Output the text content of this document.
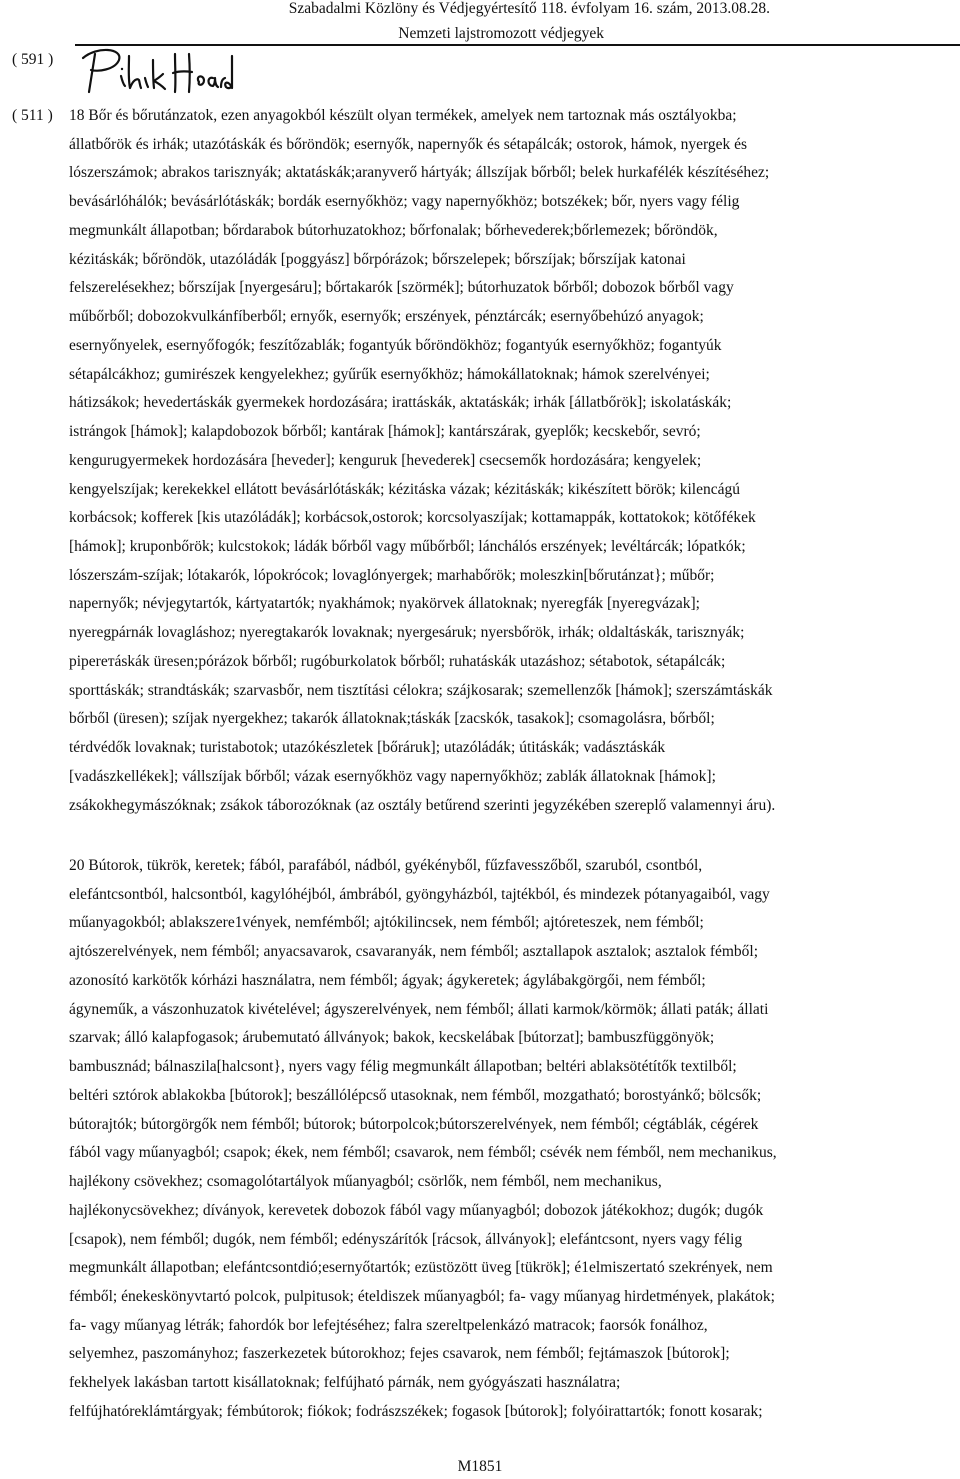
Szabadalmi Közlöny és Védjegyértesítő 118. évfolyam 16. szám, 2013.08.28.
Nemzeti lajstromozott védjegyek
( 591 )
( 511 ) 18 Bőr és bőrutánzatok, ezen anyagokból készült olyan termékek, amelyek nem tartoznak más osztályokba;
állatbőrök és irhák; utazótáskák és bőröndök; esernyők, napernyők és sétapálcák; ostorok, hámok, nyergek és
lószerszámok; abrakos tarisznyák; aktatáskák;aranyverő hártyák; állszíjak bőrből; belek hurkafélék készítéséhez;
bevásárlóhálók; bevásárlótáskák; bordák esernyőkhöz; vagy napernyőkhöz; botszékek; bőr, nyers vagy félig
megmunkált állapotban; bőrdarabok bútorhuzatokhoz; bőrfonalak; bőrhevederek;bőrlemezek; bőröndök,
kézitáskák; bőröndök, utazóládák [poggyász] bőrpórázok; bőrszelepek; bőrszíjak; bőrszíjak katonai
felszerelésekhez; bőrszíjak [nyergesáru]; bőrtakarók [szörmék]; bútorhuzatok bőrből; dobozok bőrből vagy
műbőrből; dobozokvulkánfíberből; ernyők, esernyők; erszények, pénztárcák; esernyőbehúzó anyagok;
esernyőnyelek, esernyőfogók; feszítőzablák; fogantyúk bőröndökhöz; fogantyúk esernyőkhöz; fogantyúk
sétapálcákhoz; gumirészek kengyelekhez; gyűrűk esernyőkhöz; hámokállatoknak; hámok szerelvényei;
hátizsákok; hevedertáskák gyermekek hordozására; irattáskák, aktatáskák; irhák [állatbőrök]; iskolatáskák;
istrángok [hámok]; kalapdobozok bőrből; kantárak [hámok]; kantárszárak, gyeplők; kecskebőr, sevró;
kengurugyermekek hordozására [heveder]; kenguruk [hevederek] csecsemők hordozására; kengyelek;
kengyelszíjak; kerekekkel ellátott bevásárlótáskák; kézitáska vázak; kézitáskák; kikészített börök; kilencágú
korbácsok; kofferek [kis utazóládák]; korbácsok,ostorok; korcsolyaszíjak; kottamappák, kottatokok; kötőfékek
[hámok]; kruponbőrök; kulcstokok; ládák bőrből vagy műbőrből; lánchálós erszények; levéltárcák; lópatkók;
lószerszám-szíjak; lótakarók, lópokrócok; lovaglónyergek; marhabőrök; moleszkin[bőrutánzat}; műbőr;
napernyők; névjegytartók, kártyatartók; nyakhámok; nyakörvek állatoknak; nyeregfák [nyeregvázak];
nyeregpárnák lovagláshoz; nyeregtakarók lovaknak; nyergesáruk; nyersbőrök, irhák; oldaltáskák, tarisznyák;
pipereтáskák üresen;pórázok bőrből; rugóburkolatok bőrből; ruhatáskák utazáshoz; sétabotok, sétapálcák;
sporttáskák; strandtáskák; szarvasbőr, nem tisztítási célokra; szájkosarak; szemellenzők [hámok]; szerszámtáskák
bőrből (üresen); szíjak nyergekhez; takarók állatoknak;táskák [zacskók, tasakok]; csomagolásra, bőrből;
térdvédők lovaknak; turistabotok; utazókészletek [bőráruk]; utazóládák; útitáskák; vadásztáskák
[vadászkellékek]; vállszíjak bőrből; vázak esernyőkhöz vagy napernyőkhöz; zablák állatoknak [hámok];
zsákokhegymászóknak; zsákok táborozóknak (az osztály betűrend szerinti jegyzékében szereplő valamennyi áru).
20 Bútorok, tükrök, keretek; fából, parafából, nádból, gyékényből, fűzfavesszőből, szaruból, csontból,
elefántcsontból, halcsontból, kagylóhéjból, ámbrából, gyöngyházból, tajtékból, és mindezek pótanyagaiból, vagy
műanyagokból; ablakszere1vények, nemfémből; ajtókilincsek, nem fémből; ajtóreteszek, nem fémből;
ajtószerelvények, nem fémből; anyacsavarok, csavaranyák, nem fémből; asztallapok asztalok; asztalok fémből;
azonosító karkötők kórházi használatra, nem fémből; ágyak; ágykeretek; ágylábakgörgői, nem fémből;
ágyneműk, a vászonhuzatok kivételével; ágyszerelvények, nem fémből; állati karmok/körmök; állati paták; állati
szarvak; álló kalapfogasok; árubemutató állványok; bakok, kecskelábak [bútorzat]; bambuszfüggönyök;
bambusznád; bálnaszila[halcsont}, nyers vagy félig megmunkált állapotban; beltéri ablaksötétítők textilből;
beltéri sztórok ablakokba [bútorok]; beszállólépcső utasoknak, nem fémből, mozgatható; borostyánkő; bölcsők;
bútorajtók; bútorgörgők nem fémből; bútorok; bútorpolcok;bútorszerelvények, nem fémből; cégtáblák, cégérek
fából vagy műanyagból; csapok; ékek, nem fémből; csavarok, nem fémből; csévék nem fémből, nem mechanikus,
hajlékony csövekhez; csomagolótartályok műanyagból; csörlők, nem fémből, nem mechanikus,
hajlékonycsövekhez; díványok, kerevetek dobozok fából vagy műanyagból; dobozok játékokhoz; dugók; dugók
[csapok), nem fémből; dugók, nem fémből; edényszárítók [rácsok, állványok]; elefántcsont, nyers vagy félig
megmunkált állapotban; elefántcsontdió;esernyőtartók; ezüstözött üveg [tükrök]; é1elmiszertató szekrények, nem
fémből; énekeskönyvtartó polcok, pulpitusok; ételdiszek műanyagból; fa- vagy műanyag hirdetmények, plakátok;
fa- vagy műanyag létrák; fahordók bor lefejtéséhez; falra szereltpelenkázó matracok; faorsók fonálhoz,
selyemhez, paszományhoz; faszerkezetek bútorokhoz; fejes csavarok, nem fémből; fejtámaszok [bútorok];
fekhelyek lakásban tartott kisállatoknak; felfújható párnák, nem gyógyászati használatra;
felfújhatóreklámtárgyak; fémbútorok; fiókok; fodrászszékek; fogasok [bútorok]; folyóirattartók; fonott kosarak;
M1851
